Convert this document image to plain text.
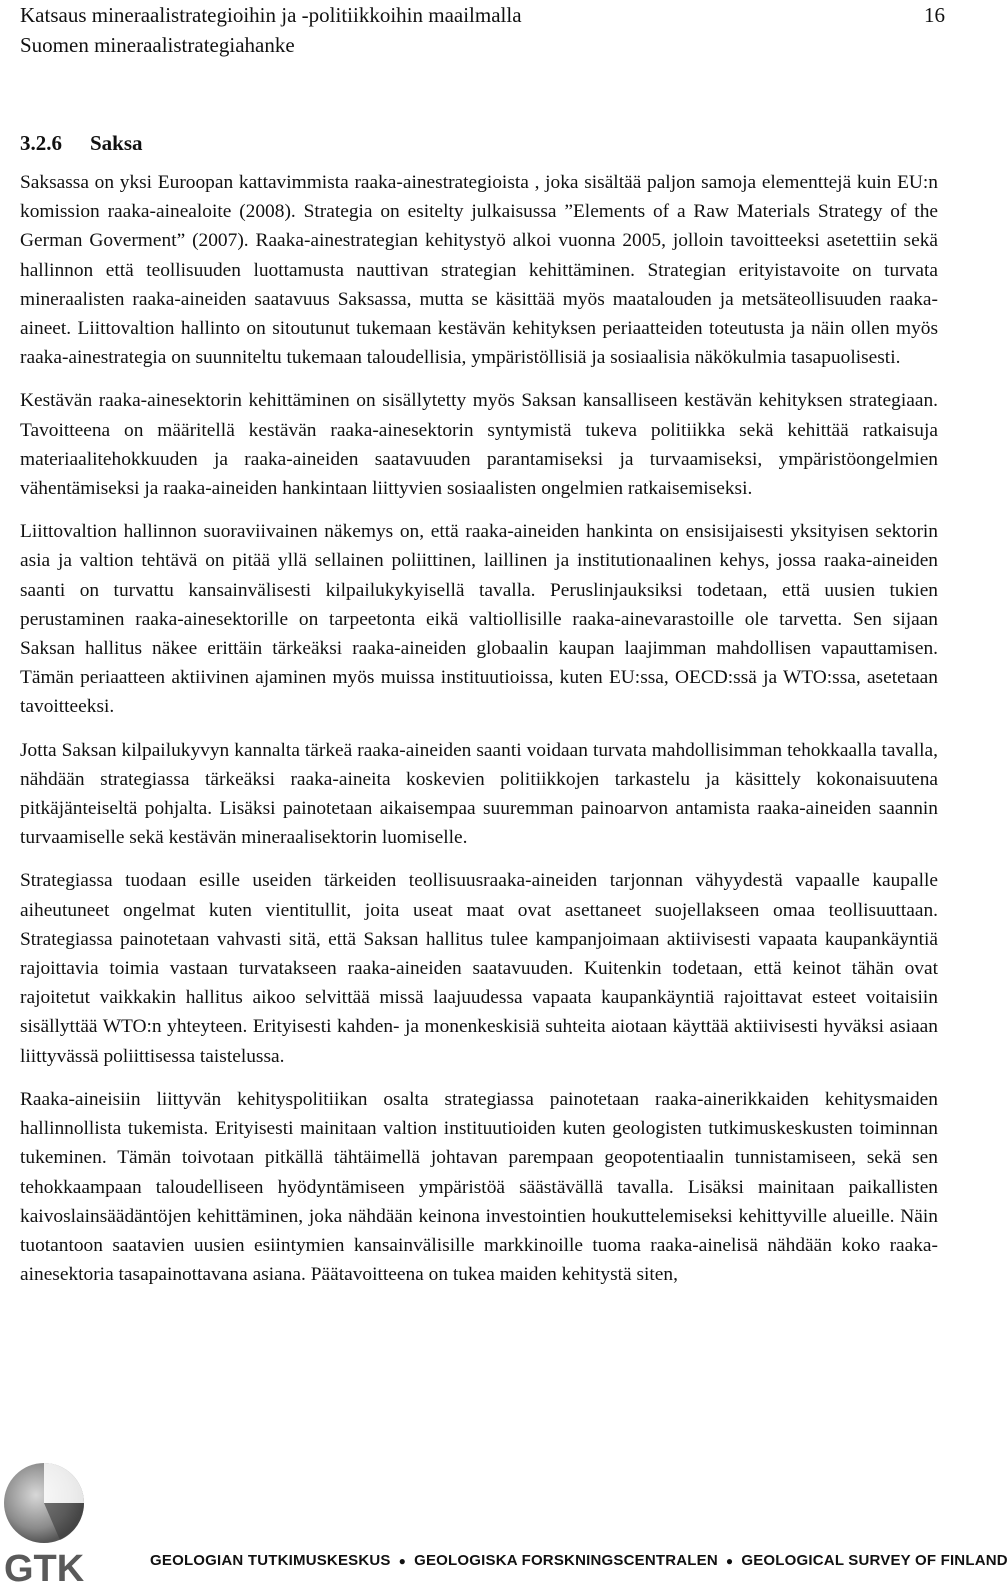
Katsaus mineraalistrategioihin ja -politiikkoihin maailmalla
Suomen mineraalistrategiahanke
16
3.2.6 Saksa

Saksassa on yksi Euroopan kattavimmista raaka-ainestrategioista , joka sisältää paljon samoja elementtejä kuin EU:n komission raaka-ainealoite (2008). Strategia on esitelty julkaisussa ”Elements of a Raw Materials Strategy of the German Goverment” (2007). Raaka-ainestrategian kehitystyö alkoi vuonna 2005, jolloin tavoitteeksi asetettiin sekä hallinnon että teollisuuden luottamusta nauttivan strategian kehittäminen. Strategian erityistavoite on turvata mineraalisten raaka-aineiden saatavuus Saksassa, mutta se käsittää myös maatalouden ja metsäteollisuuden raaka-aineet. Liittovaltion hallinto on sitoutunut tukemaan kestävän kehityksen periaatteiden toteutusta ja näin ollen myös raaka-ainestrategia on suunniteltu tukemaan taloudellisia, ympäristöllisiä ja sosiaalisia näkökulmia tasapuolisesti.

Kestävän raaka-ainesektorin kehittäminen on sisällytetty myös Saksan kansalliseen kestävän kehityksen strategiaan. Tavoitteena on määritellä kestävän raaka-ainesektorin syntymistä tukeva politiikka sekä kehittää ratkaisuja materiaalitehokkuuden ja raaka-aineiden saatavuuden parantamiseksi ja turvaamiseksi, ympäristöongelmien vähentämiseksi ja raaka-aineiden hankintaan liittyvien sosiaalisten ongelmien ratkaisemiseksi.

Liittovaltion hallinnon suoraviivainen näkemys on, että raaka-aineiden hankinta on ensisijaisesti yksityisen sektorin asia ja valtion tehtävä on pitää yllä sellainen poliittinen, laillinen ja institutionaalinen kehys, jossa raaka-aineiden saanti on turvattu kansainvälisesti kilpailukykyisellä tavalla. Peruslinjauksiksi todetaan, että uusien tukien perustaminen raaka-ainesektorille on tarpeetonta eikä valtiollisille raaka-ainevarastoille ole tarvetta. Sen sijaan Saksan hallitus näkee erittäin tärkeäksi raaka-aineiden globaalin kaupan laajimman mahdollisen vapauttamisen. Tämän periaatteen aktiivinen ajaminen myös muissa instituutioissa, kuten EU:ssa, OECD:ssä ja WTO:ssa, asetetaan tavoitteeksi.

Jotta Saksan kilpailukyvyn kannalta tärkeä raaka-aineiden saanti voidaan turvata mahdollisimman tehokkaalla tavalla, nähdään strategiassa tärkeäksi raaka-aineita koskevien politiikkojen tarkastelu ja käsittely kokonaisuutena pitkäjänteiseltä pohjalta. Lisäksi painotetaan aikaisempaa suuremman painoarvon antamista raaka-aineiden saannin turvaamiselle sekä kestävän mineraalisektorin luomiselle.

Strategiassa tuodaan esille useiden tärkeiden teollisuusraaka-aineiden tarjonnan vähyydestä vapaalle kaupalle aiheutuneet ongelmat kuten vientitullit, joita useat maat ovat asettaneet suojellakseen omaa teollisuuttaan. Strategiassa painotetaan vahvasti sitä, että Saksan hallitus tulee kampanjoimaan aktiivisesti vapaata kaupankäyntiä rajoittavia toimia vastaan turvatakseen raaka-aineiden saatavuuden. Kuitenkin todetaan, että keinot tähän ovat rajoitetut vaikkakin hallitus aikoo selvittää missä laajuudessa vapaata kaupankäyntiä rajoittavat esteet voitaisiin sisällyttää WTO:n yhteyteen. Erityisesti kahden- ja monenkeskisiä suhteita aiotaan käyttää aktiivisesti hyväksi asiaan liittyvässä poliittisessa taistelussa.

Raaka-aineisiin liittyvän kehityspolitiikan osalta strategiassa painotetaan raaka-ainerikkaiden kehitysmaiden hallinnollista tukemista. Erityisesti mainitaan valtion instituutioiden kuten geologisten tutkimuskeskusten toiminnan tukeminen. Tämän toivotaan pitkällä tähtäimellä johtavan parempaan geopotentiaalin tunnistamiseen, sekä sen tehokkaampaan taloudelliseen hyödyntämiseen ympäristöä säästävällä tavalla. Lisäksi mainitaan paikallisten kaivoslainsäädäntöjen kehittäminen, joka nähdään keinona investointien houkuttelemiseksi kehittyville alueille. Näin tuotantoon saatavien uusien esiintymien kansainvälisille markkinoille tuoma raaka-ainelisä nähdään koko raaka-ainesektoria tasapainottavana asiana. Päätavoitteena on tukea maiden kehitystä siten,

GTK	GEOLOGIAN TUTKIMUSKESKUS ● GEOLOGISKA FORSKNINGSCENTRALEN ● GEOLOGICAL SURVEY OF FINLAND
